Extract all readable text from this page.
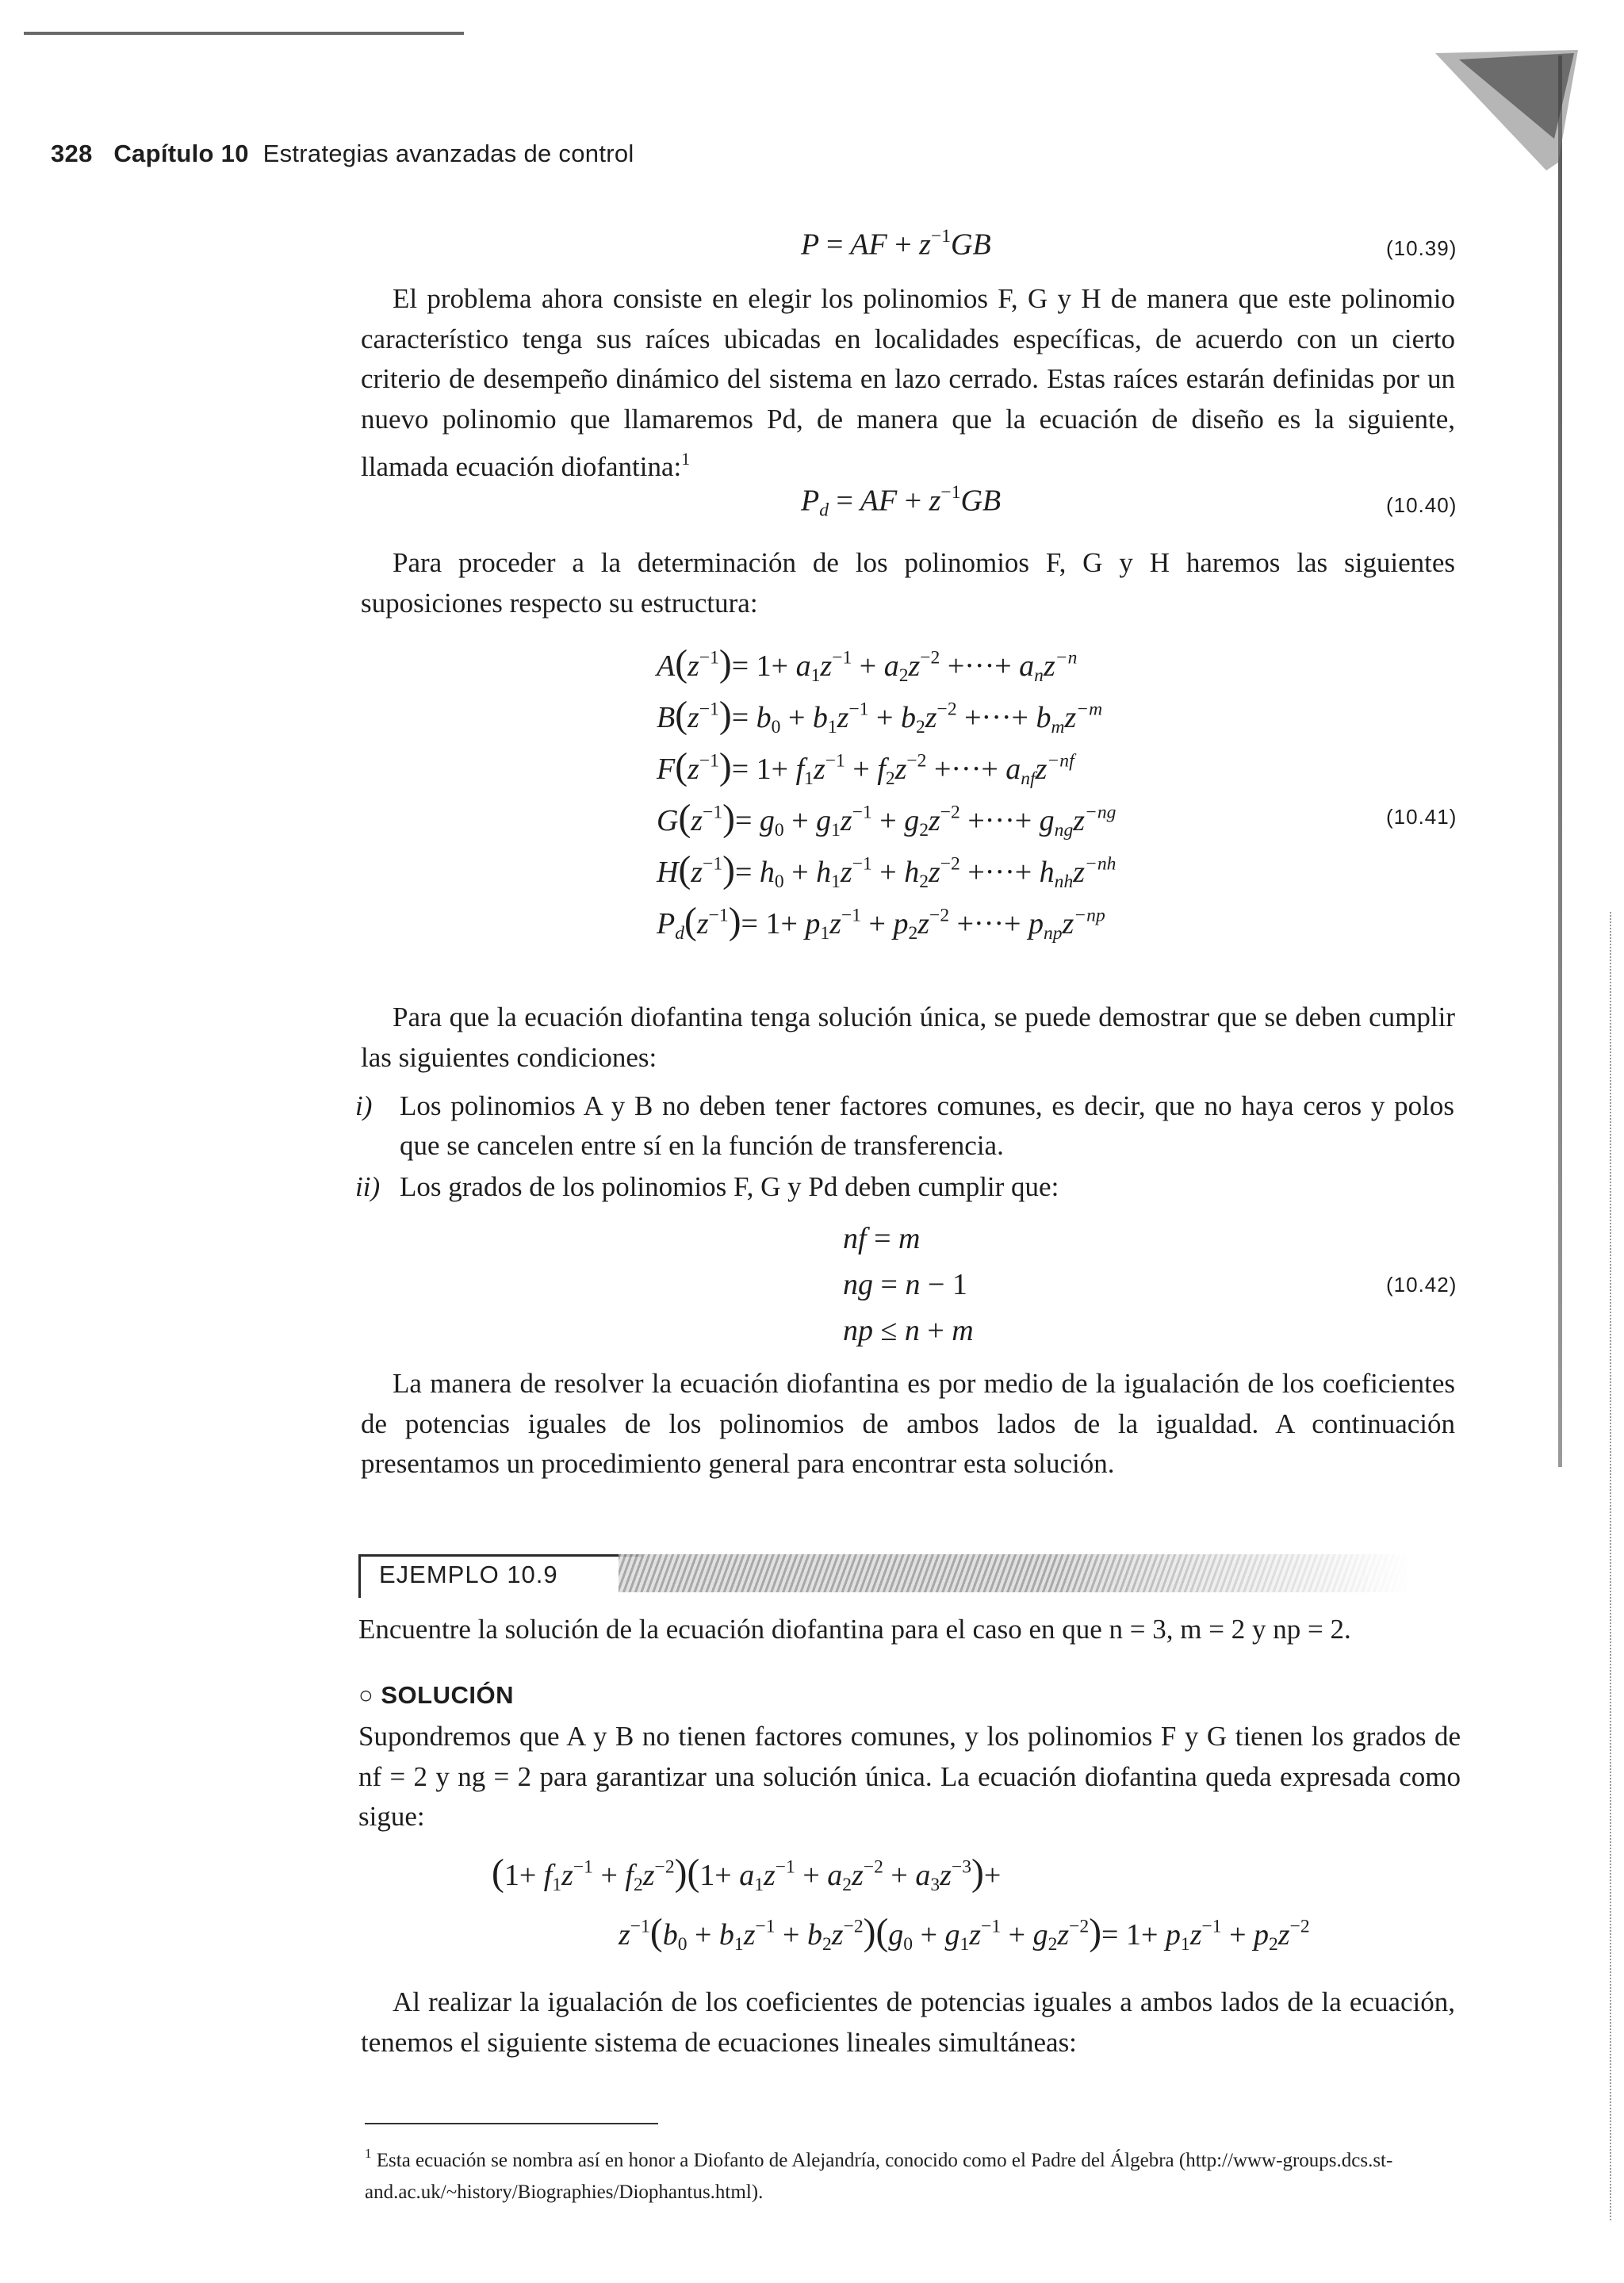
328 Capítulo 10 Estrategias avanzadas de control
P = AF + $z^{-1}GB$	(10.39)

El problema ahora consiste en elegir los polinomios F, G y H de manera que este polinomio característico tenga sus raíces ubicadas en localidades específicas, de acuerdo con un cierto criterio de desempeño dinámico del sistema en lazo cerrado. Estas raíces estarán definidas por un nuevo polinomio que llamaremos Pd, de manera que la ecuación de diseño es la siguiente, llamada ecuación diofantina:$^1$

$P_d$ = AF + $z^{-1}GB$	(10.40)

Para proceder a la determinación de los polinomios F, G y H haremos las siguientes suposiciones respecto su estructura:

$A(z^{-1})= 1+ a_1z^{-1} + a_2z^{-2}$ +···+ $a_nz^{-n}$
$B(z^{-1})= b_0 + b_1z^{-1} + b_2z^{-2}$ +···+ $b_mz^{-m}$
$F(z^{-1})= 1+ f_1z^{-1} + f_2z^{-2}$ +···+ $a_{nf}z^{-nf}$
$G(z^{-1})= g_0 + g_1z^{-1} + g_2z^{-2}$ +···+ $g_{ng}z^{-ng}$
$H(z^{-1})= h_0 + h_1z^{-1} + h_2z^{-2}$ +···+ $h_{nh}z^{-nh}$
$P_d(z^{-1})= 1+ p_1z^{-1} + p_2z^{-2}$ +···+ $p_{np}z^{-np}$
(10.41)

Para que la ecuación diofantina tenga solución única, se puede demostrar que se deben cumplir las siguientes condiciones:

i) Los polinomios A y B no deben tener factores comunes, es decir, que no haya ceros y polos que se cancelen entre sí en la función de transferencia.
ii) Los grados de los polinomios F, G y Pd deben cumplir que:
nf = m
ng = n − 1
np ≤ n + m
(10.42)

La manera de resolver la ecuación diofantina es por medio de la igualación de los coeficientes de potencias iguales de los polinomios de ambos lados de la igualdad. A continuación presentamos un procedimiento general para encontrar esta solución.

EJEMPLO 10.9

Encuentre la solución de la ecuación diofantina para el caso en que n = 3, m = 2 y np = 2.

○ SOLUCIÓN

Supondremos que A y B no tienen factores comunes, y los polinomios F y G tienen los grados de nf = 2 y ng = 2 para garantizar una solución única. La ecuación diofantina queda expresada como sigue:

$(1+ f_1z^{-1} + f_2z^{-2})(1+ a_1z^{-1} + a_2z^{-2} + a_3z^{-3})+$
$z^{-1}(b_0 + b_1z^{-1} + b_2z^{-2})(g_0 + g_1z^{-1} + g_2z^{-2})= 1+ p_1z^{-1} + p_2z^{-2}$

Al realizar la igualación de los coeficientes de potencias iguales a ambos lados de la ecuación, tenemos el siguiente sistema de ecuaciones lineales simultáneas:

$^1$ Esta ecuación se nombra así en honor a Diofanto de Alejandría, conocido como el Padre del Álgebra (http://www-groups.dcs.st-and.ac.uk/~history/Biographies/Diophantus.html).
